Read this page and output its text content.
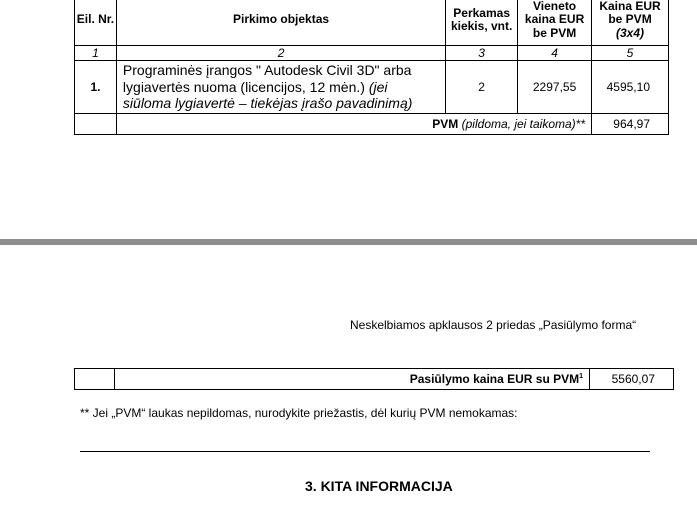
Eil. Nr.	Pirkimo objektas	Perkamas kiekis, vnt.	Vieneto kaina EUR be PVM	Kaina EUR be PVM
(3x4)
1	2	3	4	5
1.	Programinės įrangos " Autodesk Civil 3D" arba lygiavertės nuoma (licencijos, 12 mėn.) (jei siūloma lygiavertė – tiekėjas įrašo pavadinimą)	2	2297,55	4595,10
	PVM (pildoma, jei taikoma)**			964,97
Neskelbiamos apklausos 2 priedas „Pasiūlymo forma“
	Pasiūlymo kaina EUR su PVM$^1$	5560,07
** Jei „PVM“ laukas nepildomas, nurodykite priežastis, dėl kurių PVM nemokamas:
3. KITA INFORMACIJA
